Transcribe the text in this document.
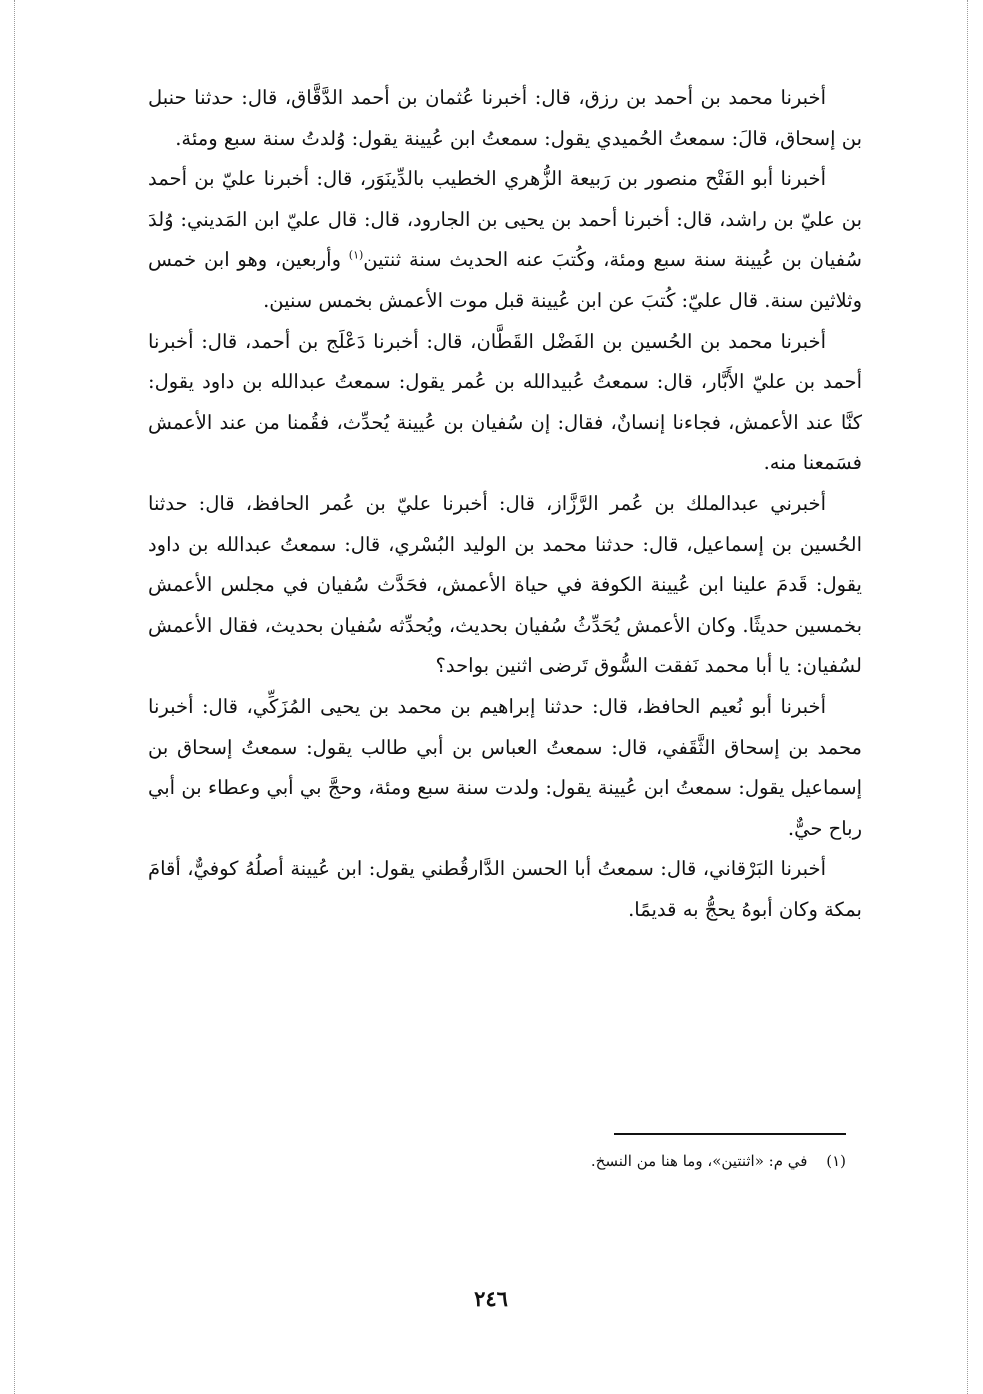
أخبرنا محمد بن أحمد بن رزق، قال: أخبرنا عُثمان بن أحمد الدَّقَّاق، قال: حدثنا حنبل بن إسحاق، قالَ: سمعتُ الحُميدي يقول: سمعتُ ابن عُيينة يقول: وُلدتُ سنة سبع ومئة.

أخبرنا أبو الفَتْح منصور بن رَبيعة الزُّهري الخطيب بالدِّينَوَر، قال: أخبرنا عليّ بن أحمد بن عليّ بن راشد، قال: أخبرنا أحمد بن يحيى بن الجارود، قال: قال عليّ ابن المَديني: وُلدَ سُفيان بن عُيينة سنة سبع ومئة، وكُتبَ عنه الحديث سنة ثنتين$^{(١)}$ وأربعين، وهو ابن خمس وثلاثين سنة. قال عليّ: كُتبَ عن ابن عُيينة قبل موت الأعمش بخمس سنين.

أخبرنا محمد بن الحُسين بن الفَضْل القَطَّان، قال: أخبرنا دَعْلَج بن أحمد، قال: أخبرنا أحمد بن عليّ الأَبَّار، قال: سمعتُ عُبيدالله بن عُمر يقول: سمعتُ عبدالله بن داود يقول: كنَّا عند الأعمش، فجاءنا إنسانٌ، فقال: إن سُفيان بن عُيينة يُحدِّث، فقُمنا من عند الأعمش فسَمعنا منه.

أخبرني عبدالملك بن عُمر الرَّزَّاز، قال: أخبرنا عليّ بن عُمر الحافظ، قال: حدثنا الحُسين بن إسماعيل، قال: حدثنا محمد بن الوليد البُسْري، قال: سمعتُ عبدالله بن داود يقول: قَدمَ علينا ابن عُيينة الكوفة في حياة الأعمش، فحَدَّث سُفيان في مجلس الأعمش بخمسين حديثًا. وكان الأعمش يُحَدِّثُ سُفيان بحديث، ويُحدِّثه سُفيان بحديث، فقال الأعمش لسُفيان: يا أبا محمد نَفقت السُّوق تَرضى اثنين بواحد؟

أخبرنا أبو نُعيم الحافظ، قال: حدثنا إبراهيم بن محمد بن يحيى المُزَكِّي، قال: أخبرنا محمد بن إسحاق الثَّقَفي، قال: سمعتُ العباس بن أبي طالب يقول: سمعتُ إسحاق بن إسماعيل يقول: سمعتُ ابن عُيينة يقول: ولدت سنة سبع ومئة، وحجَّ بي أبي وعطاء بن أبي رباح حيٌّ.

أخبرنا البَرْقاني، قال: سمعتُ أبا الحسن الدَّارقُطني يقول: ابن عُيينة أصلُهُ كوفيٌّ، أقامَ بمكة وكان أبوهُ يحجُّ به قديمًا.

(١) في م: «اثنتين»، وما هنا من النسخ.
٢٤٦
